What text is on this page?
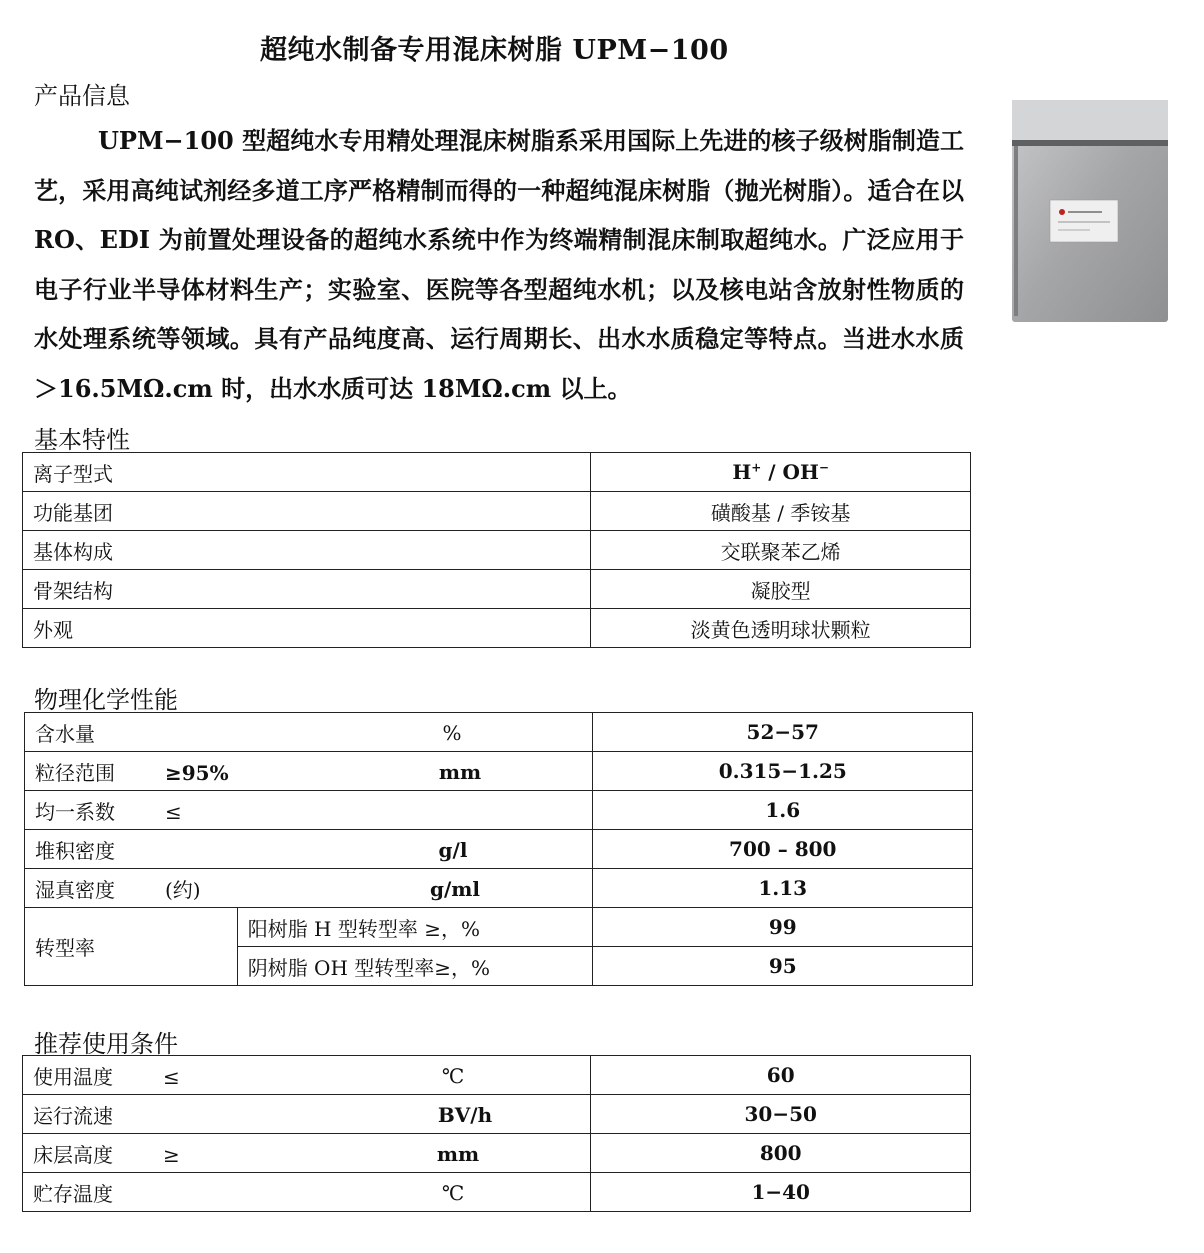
超纯水制备专用混床树脂 UPM−100
产品信息
UPM−100 型超纯水专用精处理混床树脂系采用国际上先进的核子级树脂制造工艺，采用高纯试剂经多道工序严格精制而得的一种超纯混床树脂（抛光树脂）。适合在以 RO、EDI 为前置处理设备的超纯水系统中作为终端精制混床制取超纯水。广泛应用于电子行业半导体材料生产；实验室、医院等各型超纯水机；以及核电站含放射性物质的水处理系统等领域。具有产品纯度高、运行周期长、出水水质稳定等特点。当进水水质＞16.5MΩ.cm 时，出水水质可达 18MΩ.cm 以上。
基本特性
离子型式	H+ / OH−
功能基团	磺酸基 / 季铵基
基体构成	交联聚苯乙烯
骨架结构	凝胶型
外观	淡黄色透明球状颗粒
物理化学性能
含水量 %		52−57
粒径范围 ≥95% mm		0.315−1.25
均一系数 ≤		1.6
堆积密度 g/l		700 – 800
湿真密度 (约) g/ml		1.13
转型率	阳树脂 H 型转型率 ≥，%	99
	阴树脂 OH 型转型率≥，%	95
推荐使用条件
使用温度 ≤ ℃	60
运行流速 BV/h	30−50
床层高度 ≥ mm	800
贮存温度 ℃	1−40
